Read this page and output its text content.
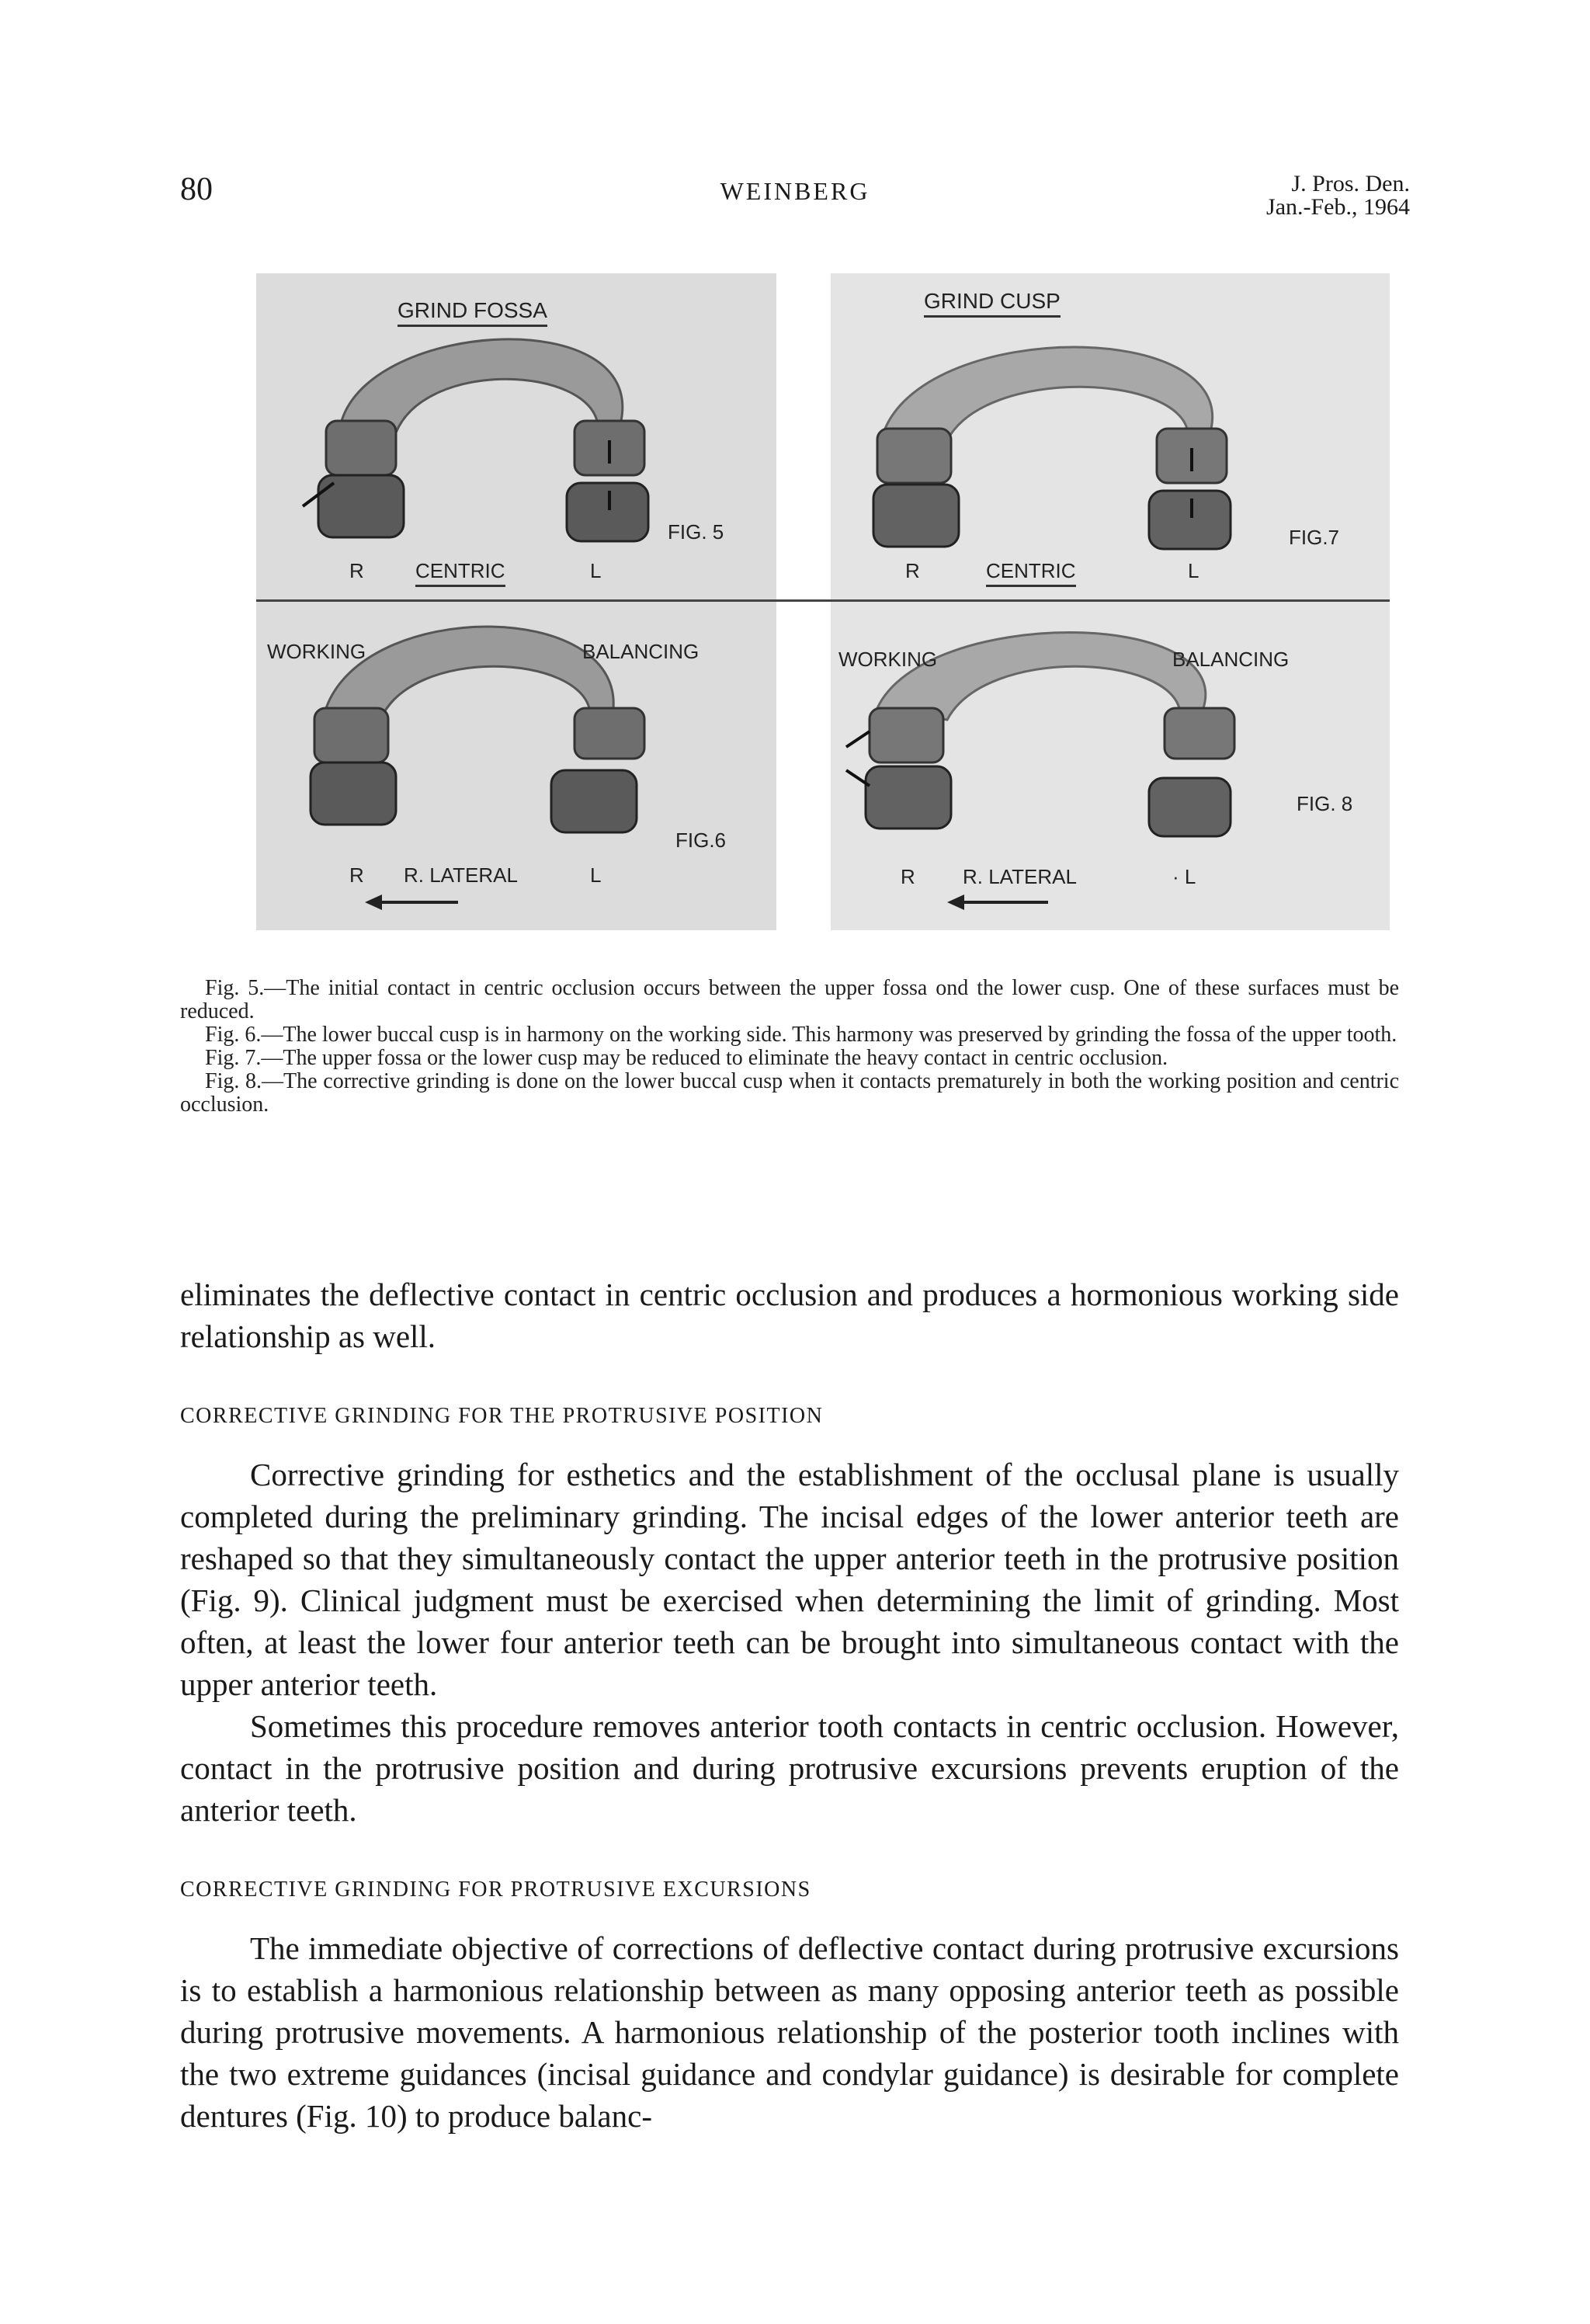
80	WEINBERG	J. Pros. Den.
Jan.-Feb., 1964
GRIND FOSSA
R	CENTRIC	L
FIG. 5
WORKING	BALANCING
R R. LATERAL	L
FIG.6
GRIND CUSP
R	CENTRIC	L
FIG.7
WORKING	BALANCING
R R. LATERAL	· L
FIG. 8

Fig. 5.—The initial contact in centric occlusion occurs between the upper fossa ond the lower cusp. One of these surfaces must be reduced.

Fig. 6.—The lower buccal cusp is in harmony on the working side. This harmony was preserved by grinding the fossa of the upper tooth.

Fig. 7.—The upper fossa or the lower cusp may be reduced to eliminate the heavy contact in centric occlusion.

Fig. 8.—The corrective grinding is done on the lower buccal cusp when it contacts prematurely in both the working position and centric occlusion.

eliminates the deflective contact in centric occlusion and produces a hormonious working side relationship as well.

CORRECTIVE GRINDING FOR THE PROTRUSIVE POSITION

Corrective grinding for esthetics and the establishment of the occlusal plane is usually completed during the preliminary grinding. The incisal edges of the lower anterior teeth are reshaped so that they simultaneously contact the upper anterior teeth in the protrusive position (Fig. 9). Clinical judgment must be exercised when determining the limit of grinding. Most often, at least the lower four anterior teeth can be brought into simultaneous contact with the upper anterior teeth.

Sometimes this procedure removes anterior tooth contacts in centric occlusion. However, contact in the protrusive position and during protrusive excursions prevents eruption of the anterior teeth.

CORRECTIVE GRINDING FOR PROTRUSIVE EXCURSIONS

The immediate objective of corrections of deflective contact during protrusive excursions is to establish a harmonious relationship between as many opposing anterior teeth as possible during protrusive movements. A harmonious relationship of the posterior tooth inclines with the two extreme guidances (incisal guidance and condylar guidance) is desirable for complete dentures (Fig. 10) to produce balanc-
